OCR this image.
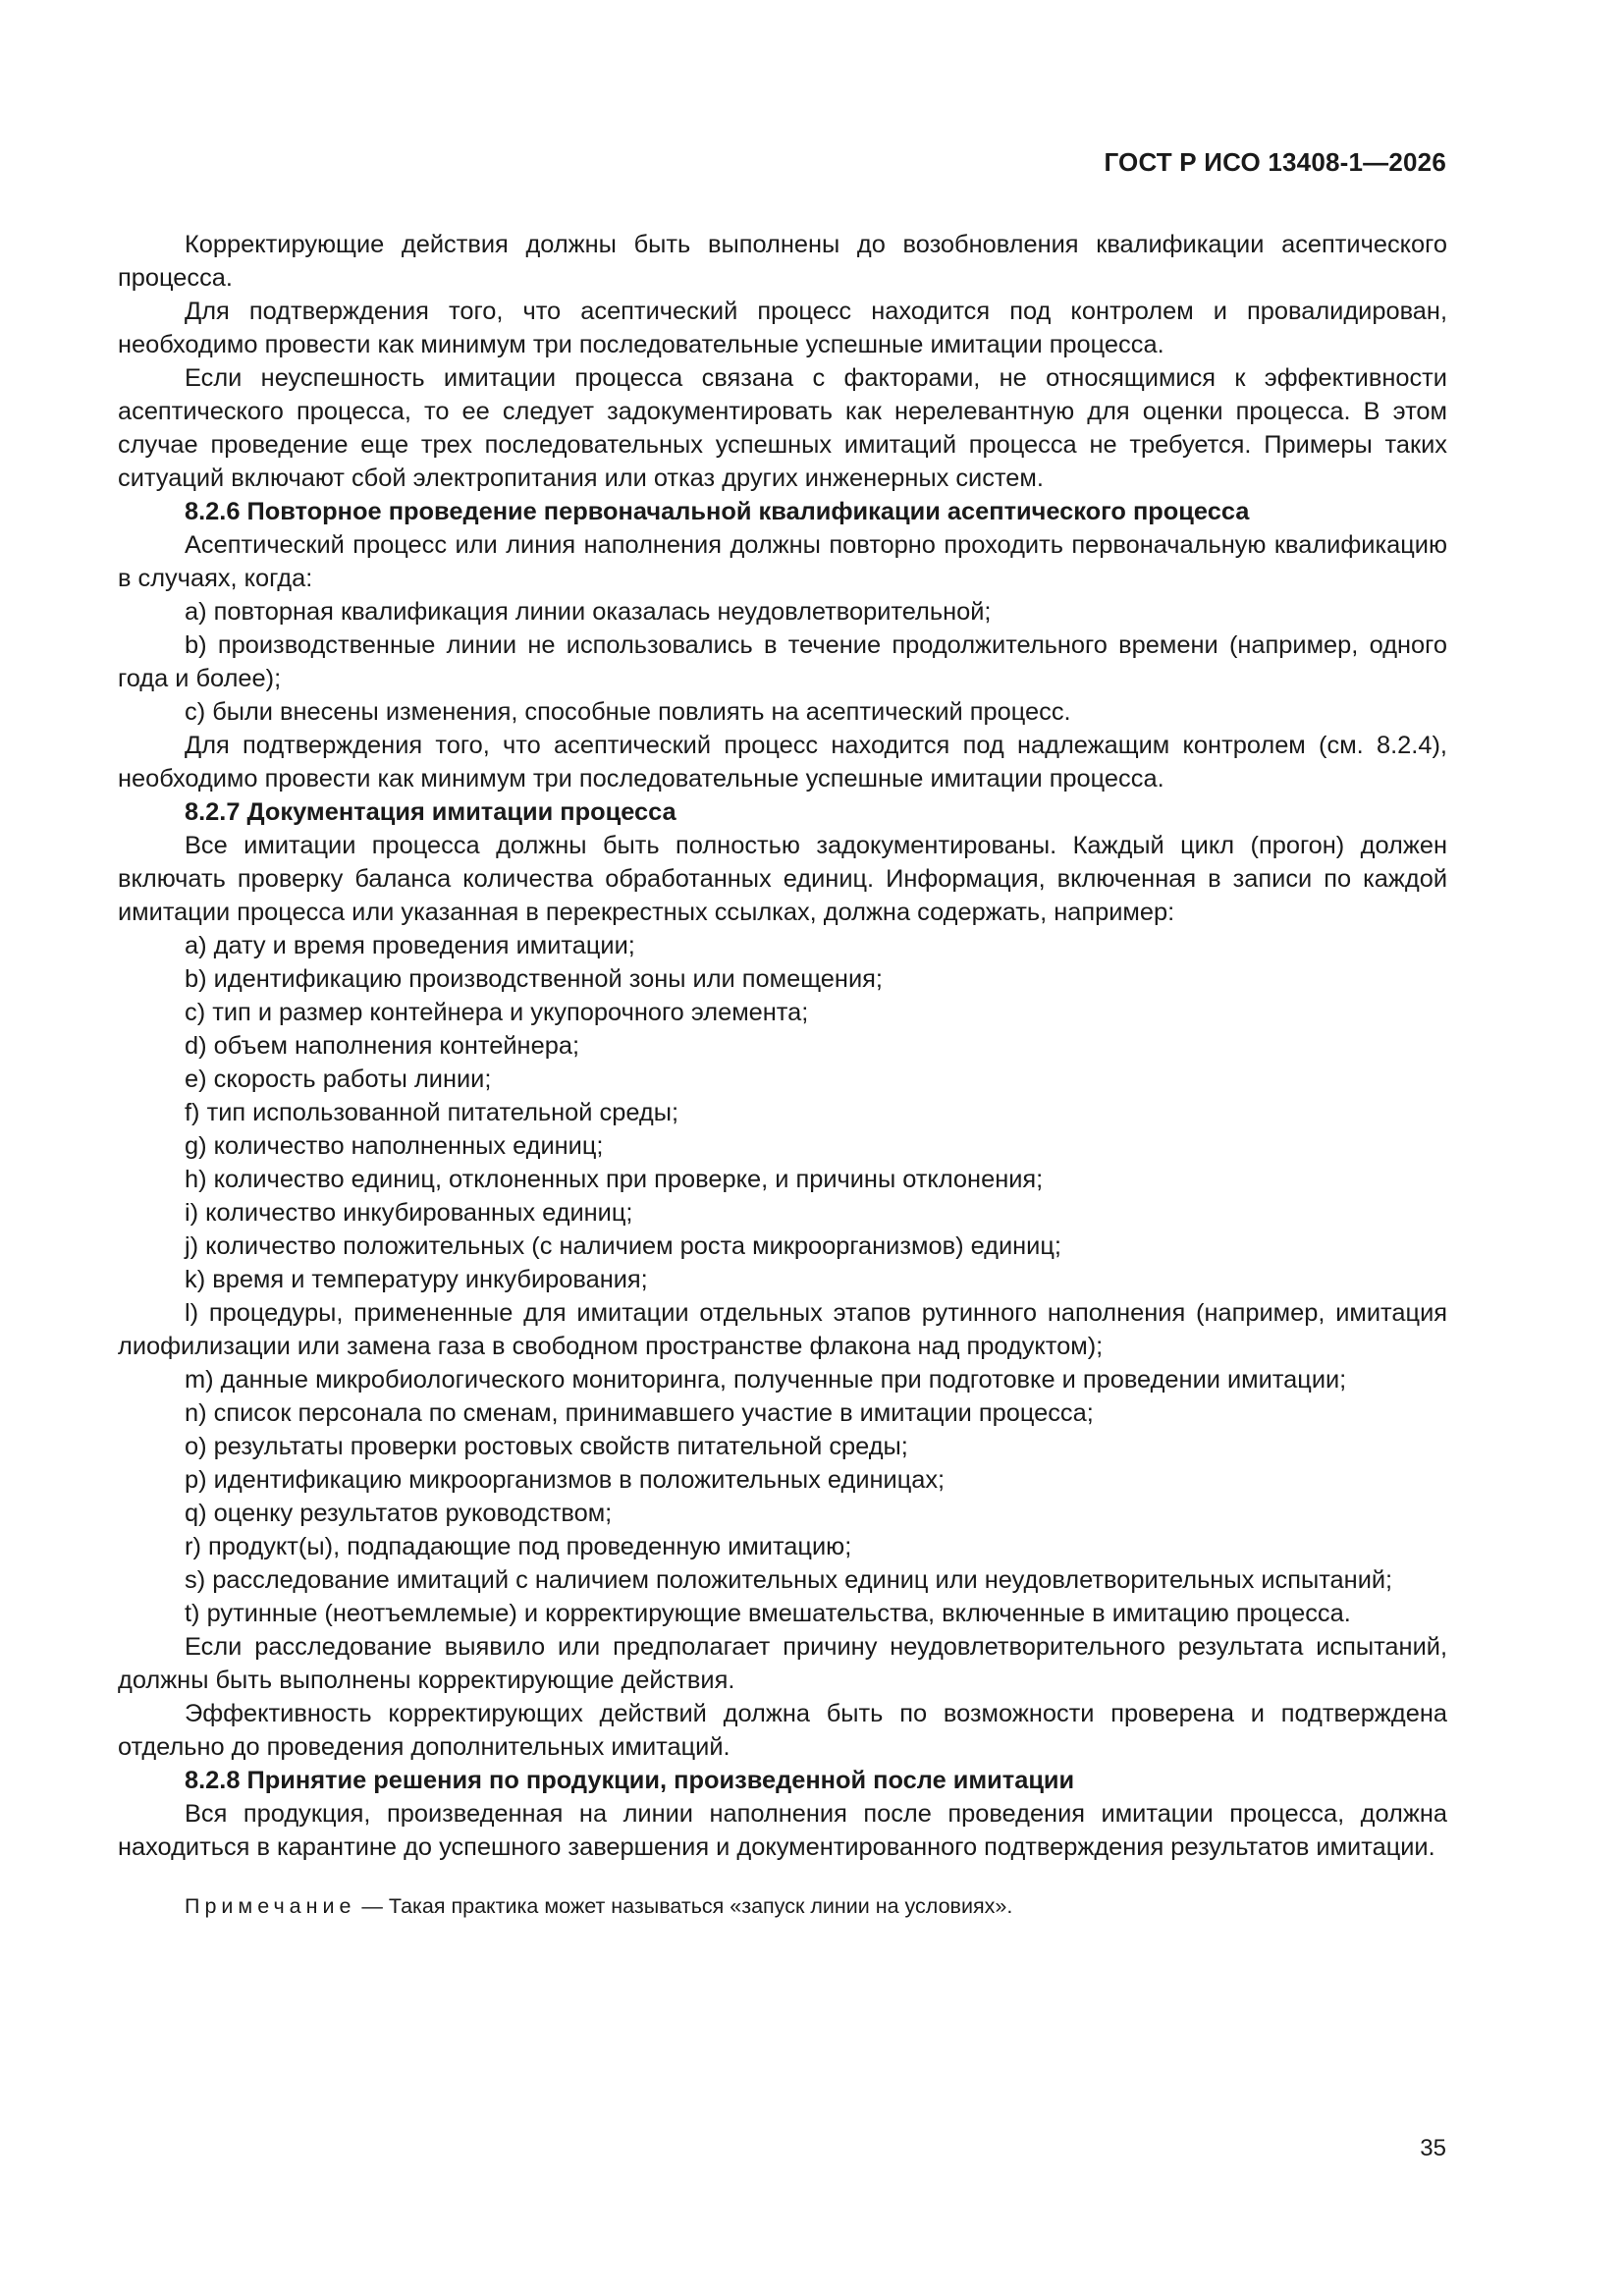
ГОСТ Р ИСО 13408-1—2026

Корректирующие действия должны быть выполнены до возобновления квалификации асептического процесса.

Для подтверждения того, что асептический процесс находится под контролем и провалидирован, необходимо провести как минимум три последовательные успешные имитации процесса.

Если неуспешность имитации процесса связана с факторами, не относящимися к эффективности асептического процесса, то ее следует задокументировать как нерелевантную для оценки процесса. В этом случае проведение еще трех последовательных успешных имитаций процесса не требуется. Примеры таких ситуаций включают сбой электропитания или отказ других инженерных систем.

8.2.6 Повторное проведение первоначальной квалификации асептического процесса

Асептический процесс или линия наполнения должны повторно проходить первоначальную квалификацию в случаях, когда:

a) повторная квалификация линии оказалась неудовлетворительной;

b) производственные линии не использовались в течение продолжительного времени (например, одного года и более);

c) были внесены изменения, способные повлиять на асептический процесс.

Для подтверждения того, что асептический процесс находится под надлежащим контролем (см. 8.2.4), необходимо провести как минимум три последовательные успешные имитации процесса.

8.2.7 Документация имитации процесса

Все имитации процесса должны быть полностью задокументированы. Каждый цикл (прогон) должен включать проверку баланса количества обработанных единиц. Информация, включенная в записи по каждой имитации процесса или указанная в перекрестных ссылках, должна содержать, например:

a) дату и время проведения имитации;

b) идентификацию производственной зоны или помещения;

c) тип и размер контейнера и укупорочного элемента;

d) объем наполнения контейнера;

e) скорость работы линии;

f) тип использованной питательной среды;

g) количество наполненных единиц;

h) количество единиц, отклоненных при проверке, и причины отклонения;

i) количество инкубированных единиц;

j) количество положительных (с наличием роста микроорганизмов) единиц;

k) время и температуру инкубирования;

l) процедуры, примененные для имитации отдельных этапов рутинного наполнения (например, имитация лиофилизации или замена газа в свободном пространстве флакона над продуктом);

m) данные микробиологического мониторинга, полученные при подготовке и проведении имитации;

n) список персонала по сменам, принимавшего участие в имитации процесса;

o) результаты проверки ростовых свойств питательной среды;

p) идентификацию микроорганизмов в положительных единицах;

q) оценку результатов руководством;

r) продукт(ы), подпадающие под проведенную имитацию;

s) расследование имитаций с наличием положительных единиц или неудовлетворительных испытаний;

t) рутинные (неотъемлемые) и корректирующие вмешательства, включенные в имитацию процесса.

Если расследование выявило или предполагает причину неудовлетворительного результата испытаний, должны быть выполнены корректирующие действия.

Эффективность корректирующих действий должна быть по возможности проверена и подтверждена отдельно до проведения дополнительных имитаций.

8.2.8 Принятие решения по продукции, произведенной после имитации

Вся продукция, произведенная на линии наполнения после проведения имитации процесса, должна находиться в карантине до успешного завершения и документированного подтверждения результатов имитации.

Примечание — Такая практика может называться «запуск линии на условиях».

35
